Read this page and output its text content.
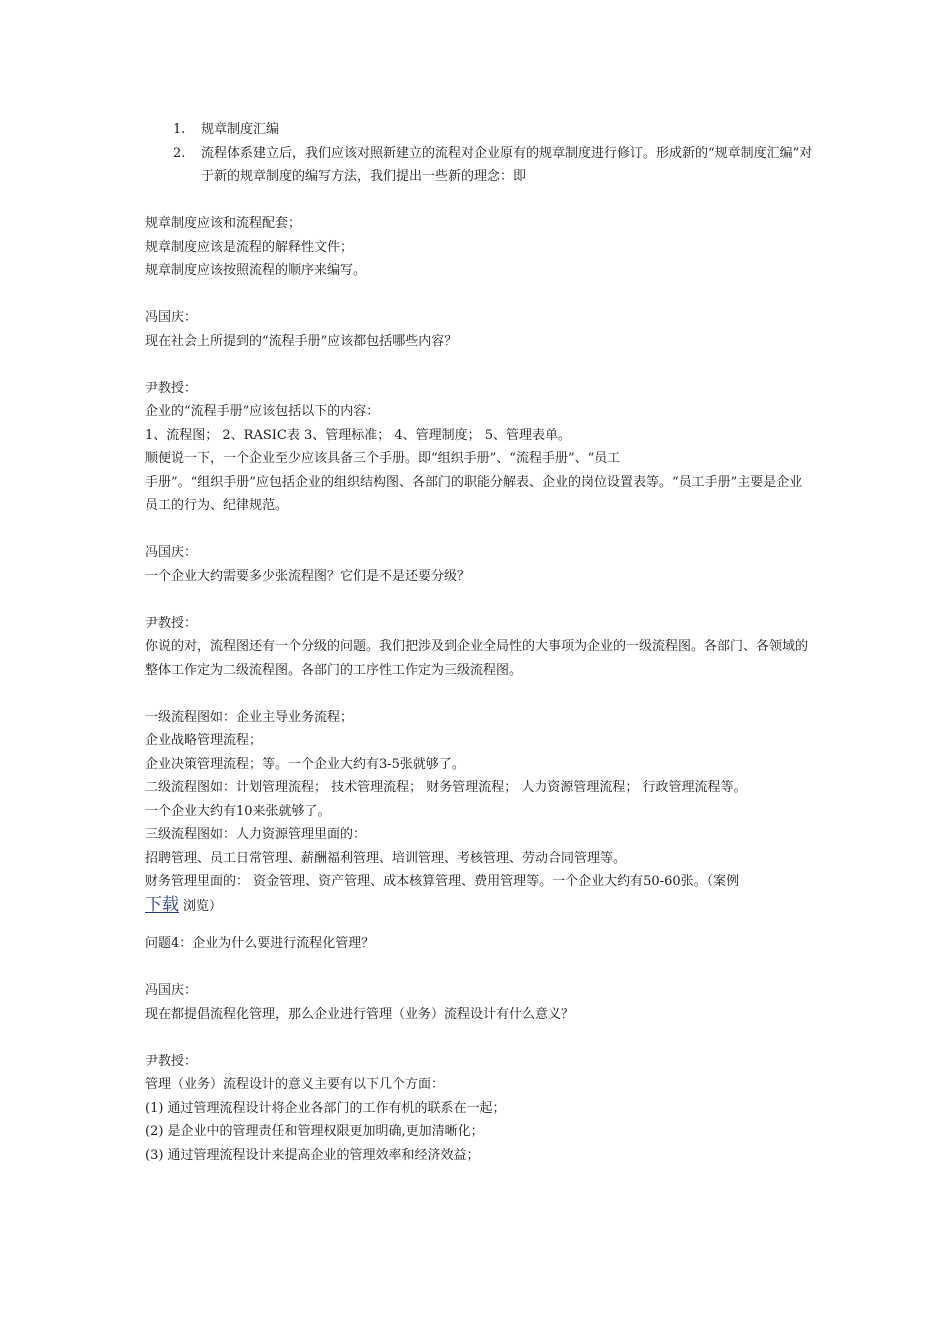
1. 规章制度汇编
2. 流程体系建立后，我们应该对照新建立的流程对企业原有的规章制度进行修订。形成新的“规章制度汇编”对于新的规章制度的编写方法，我们提出一些新的理念：即

规章制度应该和流程配套；

规章制度应该是流程的解释性文件；

规章制度应该按照流程的顺序来编写。

冯国庆：

现在社会上所提到的“流程手册”应该都包括哪些内容？

尹教授：

企业的“流程手册”应该包括以下的内容：

1、流程图； 2、RASIC表 3、管理标准； 4、管理制度； 5、管理表单。

顺便说一下，一个企业至少应该具备三个手册。即“组织手册”、“流程手册”、“员工

手册”。“组织手册”应包括企业的组织结构图、各部门的职能分解表、企业的岗位设置表等。“员工手册”主要是企业员工的行为、纪律规范。

冯国庆：

一个企业大约需要多少张流程图？它们是不是还要分级？

尹教授：

你说的对，流程图还有一个分级的问题。我们把涉及到企业全局性的大事项为企业的一级流程图。各部门、各领域的整体工作定为二级流程图。各部门的工序性工作定为三级流程图。

一级流程图如：企业主导业务流程；

企业战略管理流程；

企业决策管理流程；等。一个企业大约有3-5张就够了。

二级流程图如：计划管理流程； 技术管理流程； 财务管理流程； 人力资源管理流程； 行政管理流程等。

一个企业大约有10来张就够了。

三级流程图如：人力资源管理里面的：

招聘管理、员工日常管理、薪酬福利管理、培训管理、考核管理、劳动合同管理等。

财务管理里面的： 资金管理、资产管理、成本核算管理、费用管理等。一个企业大约有50-60张。（案例

下载 浏览）

问题4：企业为什么要进行流程化管理？

冯国庆：

现在都提倡流程化管理，那么企业进行管理（业务）流程设计有什么意义？

尹教授：

管理（业务）流程设计的意义主要有以下几个方面：

(1) 通过管理流程设计将企业各部门的工作有机的联系在一起；

(2) 是企业中的管理责任和管理权限更加明确,更加清晰化；

(3) 通过管理流程设计来提高企业的管理效率和经济效益；
